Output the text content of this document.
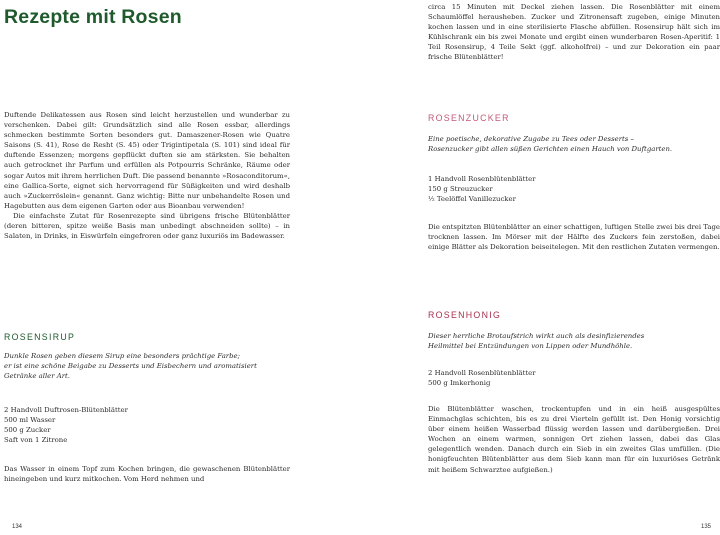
Rezepte mit Rosen

Duftende Delikatessen aus Rosen sind leicht herzustellen und wunderbar zu verschenken. Dabei gilt: Grundsätzlich sind alle Rosen essbar, allerdings schmecken bestimmte Sorten besonders gut. Damaszener-Rosen wie Quatre Saisons (S. 41), Rose de Resht (S. 45) oder Trigintipetala (S. 101) sind ideal für duftende Essenzen; morgens gepflückt duften sie am stärksten. Sie behalten auch getrocknet ihr Parfum und erfüllen als Potpourris Schränke, Räume oder sogar Autos mit ihrem herrlichen Duft. Die passend benannte »Rosaconditorum«, eine Gallica-Sorte, eignet sich hervorragend für Süßigkeiten und wird deshalb auch »Zuckerröslein« genannt. Ganz wichtig: Bitte nur unbehandelte Rosen und Hagebutten aus dem eigenen Garten oder aus Bioanbau verwenden!

Die einfachste Zutat für Rosenrezepte sind übrigens frische Blütenblätter (deren bitteren, spitze weiße Basis man unbedingt abschneiden sollte) – in Salaten, in Drinks, in Eiswürfeln eingefroren oder ganz luxuriös im Badewasser.

ROSENSIRUP
Dunkle Rosen geben diesem Sirup eine besonders prächtige Farbe;
er ist eine schöne Beigabe zu Desserts und Eisbechern und aromatisiert
Getränke aller Art.
2 Handvoll Duftrosen-Blütenblätter
500 ml Wasser
500 g Zucker
Saft von 1 Zitrone

Das Wasser in einem Topf zum Kochen bringen, die gewaschenen Blütenblätter hineingeben und kurz mitkochen. Vom Herd nehmen und

134

circa 15 Minuten mit Deckel ziehen lassen. Die Rosenblätter mit einem Schaumlöffel herausheben. Zucker und Zitronensaft zugeben, einige Minuten kochen lassen und in eine sterilisierte Flasche abfüllen. Rosensirup hält sich im Kühlschrank ein bis zwei Monate und ergibt einen wunderbaren Rosen-Aperitif: 1 Teil Rosensirup, 4 Teile Sekt (ggf. alkoholfrei) – und zur Dekoration ein paar frische Blütenblätter!

ROSENZUCKER
Eine poetische, dekorative Zugabe zu Tees oder Desserts –
Rosenzucker gibt allen süßen Gerichten einen Hauch von Duftgarten.
1 Handvoll Rosenblütenblätter
150 g Streuzucker
½ Teelöffel Vanillezucker

Die entspitzten Blütenblätter an einer schattigen, luftigen Stelle zwei bis drei Tage trocknen lassen. Im Mörser mit der Hälfte des Zuckers fein zerstoßen, dabei einige Blätter als Dekoration beiseitelegen. Mit den restlichen Zutaten vermengen.

ROSENHONIG
Dieser herrliche Brotaufstrich wirkt auch als desinfizierendes
Heilmittel bei Entzündungen von Lippen oder Mundhöhle.
2 Handvoll Rosenblütenblätter
500 g Imkerhonig

Die Blütenblätter waschen, trockentupfen und in ein heiß ausgespültes Einmachglas schichten, bis es zu drei Vierteln gefüllt ist. Den Honig vorsichtig über einem heißen Wasserbad flüssig werden lassen und darübergießen. Drei Wochen an einem warmen, sonnigen Ort ziehen lassen, dabei das Glas gelegentlich wenden. Danach durch ein Sieb in ein zweites Glas umfüllen. (Die honigfeuchten Blütenblätter aus dem Sieb kann man für ein luxuriöses Getränk mit heißem Schwarztee aufgießen.)

135
